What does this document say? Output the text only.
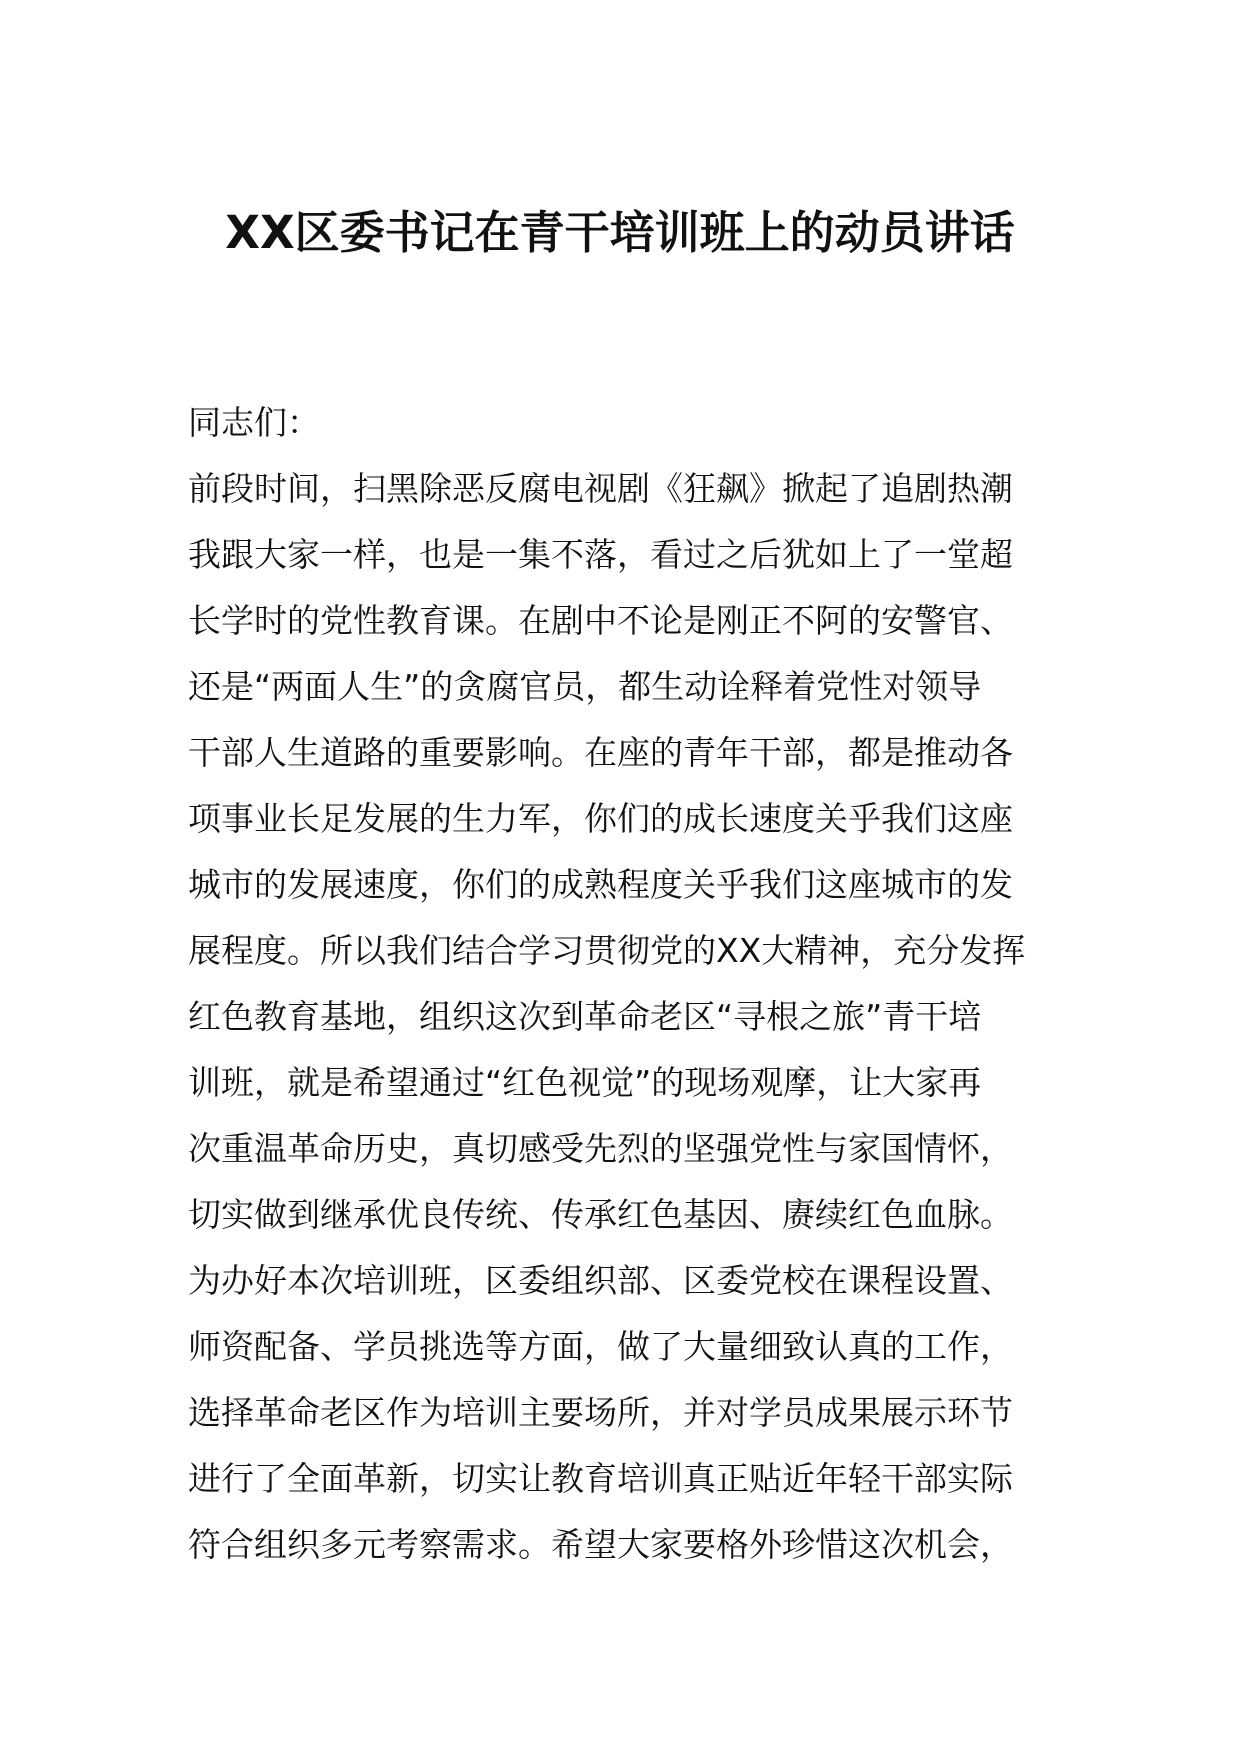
XX区委书记在青干培训班上的动员讲话
同志们：
前段时间，扫黑除恶反腐电视剧《狂飙》掀起了追剧热潮
我跟大家一样，也是一集不落，看过之后犹如上了一堂超
长学时的党性教育课。在剧中不论是刚正不阿的安警官、
还是“两面人生”的贪腐官员，都生动诠释着党性对领导
干部人生道路的重要影响。在座的青年干部，都是推动各
项事业长足发展的生力军，你们的成长速度关乎我们这座
城市的发展速度，你们的成熟程度关乎我们这座城市的发
展程度。所以我们结合学习贯彻党的XX大精神，充分发挥
红色教育基地，组织这次到革命老区“寻根之旅”青干培
训班，就是希望通过“红色视觉”的现场观摩，让大家再
次重温革命历史，真切感受先烈的坚强党性与家国情怀，
切实做到继承优良传统、传承红色基因、赓续红色血脉。
为办好本次培训班，区委组织部、区委党校在课程设置、
师资配备、学员挑选等方面，做了大量细致认真的工作，
选择革命老区作为培训主要场所，并对学员成果展示环节
进行了全面革新，切实让教育培训真正贴近年轻干部实际
符合组织多元考察需求。希望大家要格外珍惜这次机会，
